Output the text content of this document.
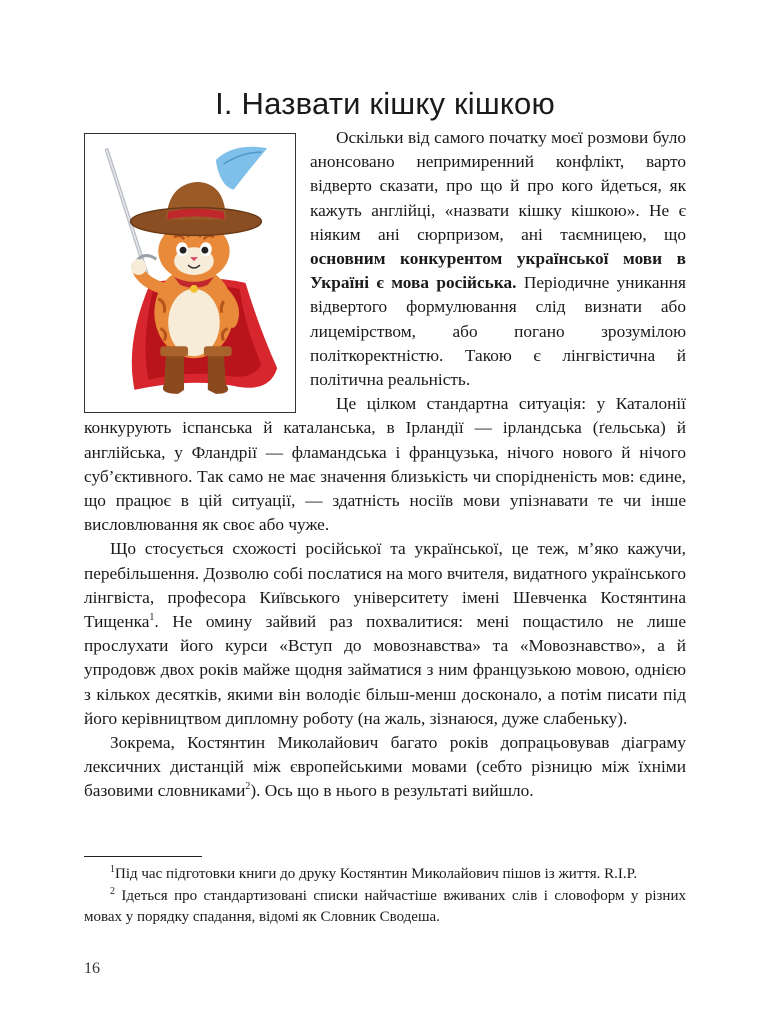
I. Назвати кішку кішкою

Оскільки від самого початку моєї розмови було анонсовано непримиренний конфлікт, варто відверто сказати, про що й про кого йдеться, як кажуть англійці, «назвати кішку кішкою». Не є ніяким ані сюрпризом, ані таємницею, що основним конкурентом української мови в Україні є мова російська. Періодичне уникання відвертого формулювання слід визнати або лицемірством, або погано зрозумілою політкоректністю. Такою є лінгвістична й політична реальність.

Це цілком стандартна ситуація: у Каталонії конкурують іспанська й каталанська, в Ірландії — ірландська (ґельська) й англійська, у Фландрії — фламандська і французька, нічого нового й нічого суб’єктивного. Так само не має значення близькість чи спорідненість мов: єдине, що працює в цій ситуації, — здатність носіїв мови упізнавати те чи інше висловлювання як своє або чуже.

Що стосується схожості російської та української, це теж, м’яко кажучи, перебільшення. Дозволю собі послатися на мого вчителя, видатного українського лінгвіста, професора Київського університету імені Шевченка Костянтина Тищенка$^1$. Не омину зайвий раз похвалитися: мені пощастило не лише прослухати його курси «Вступ до мовознавства» та «Мовознавство», а й упродовж двох років майже щодня займатися з ним французькою мовою, однією з кількох десятків, якими він володіє більш-менш досконало, а потім писати під його керівництвом дипломну роботу (на жаль, зізнаюся, дуже слабеньку).

Зокрема, Костянтин Миколайович багато років допрацьовував діаграму лексичних дистанцій між європейськими мовами (себто різницю між їхніми базовими словниками$^2$). Ось що в нього в результаті вийшло.

$^1$Під час підготовки книги до друку Костянтин Миколайович пішов із життя. R.I.P.

$^2$ Ідеться про стандартизовані списки найчастіше вживаних слів і словоформ у різних мовах у порядку спадання, відомі як Словник Сводеша.

16
